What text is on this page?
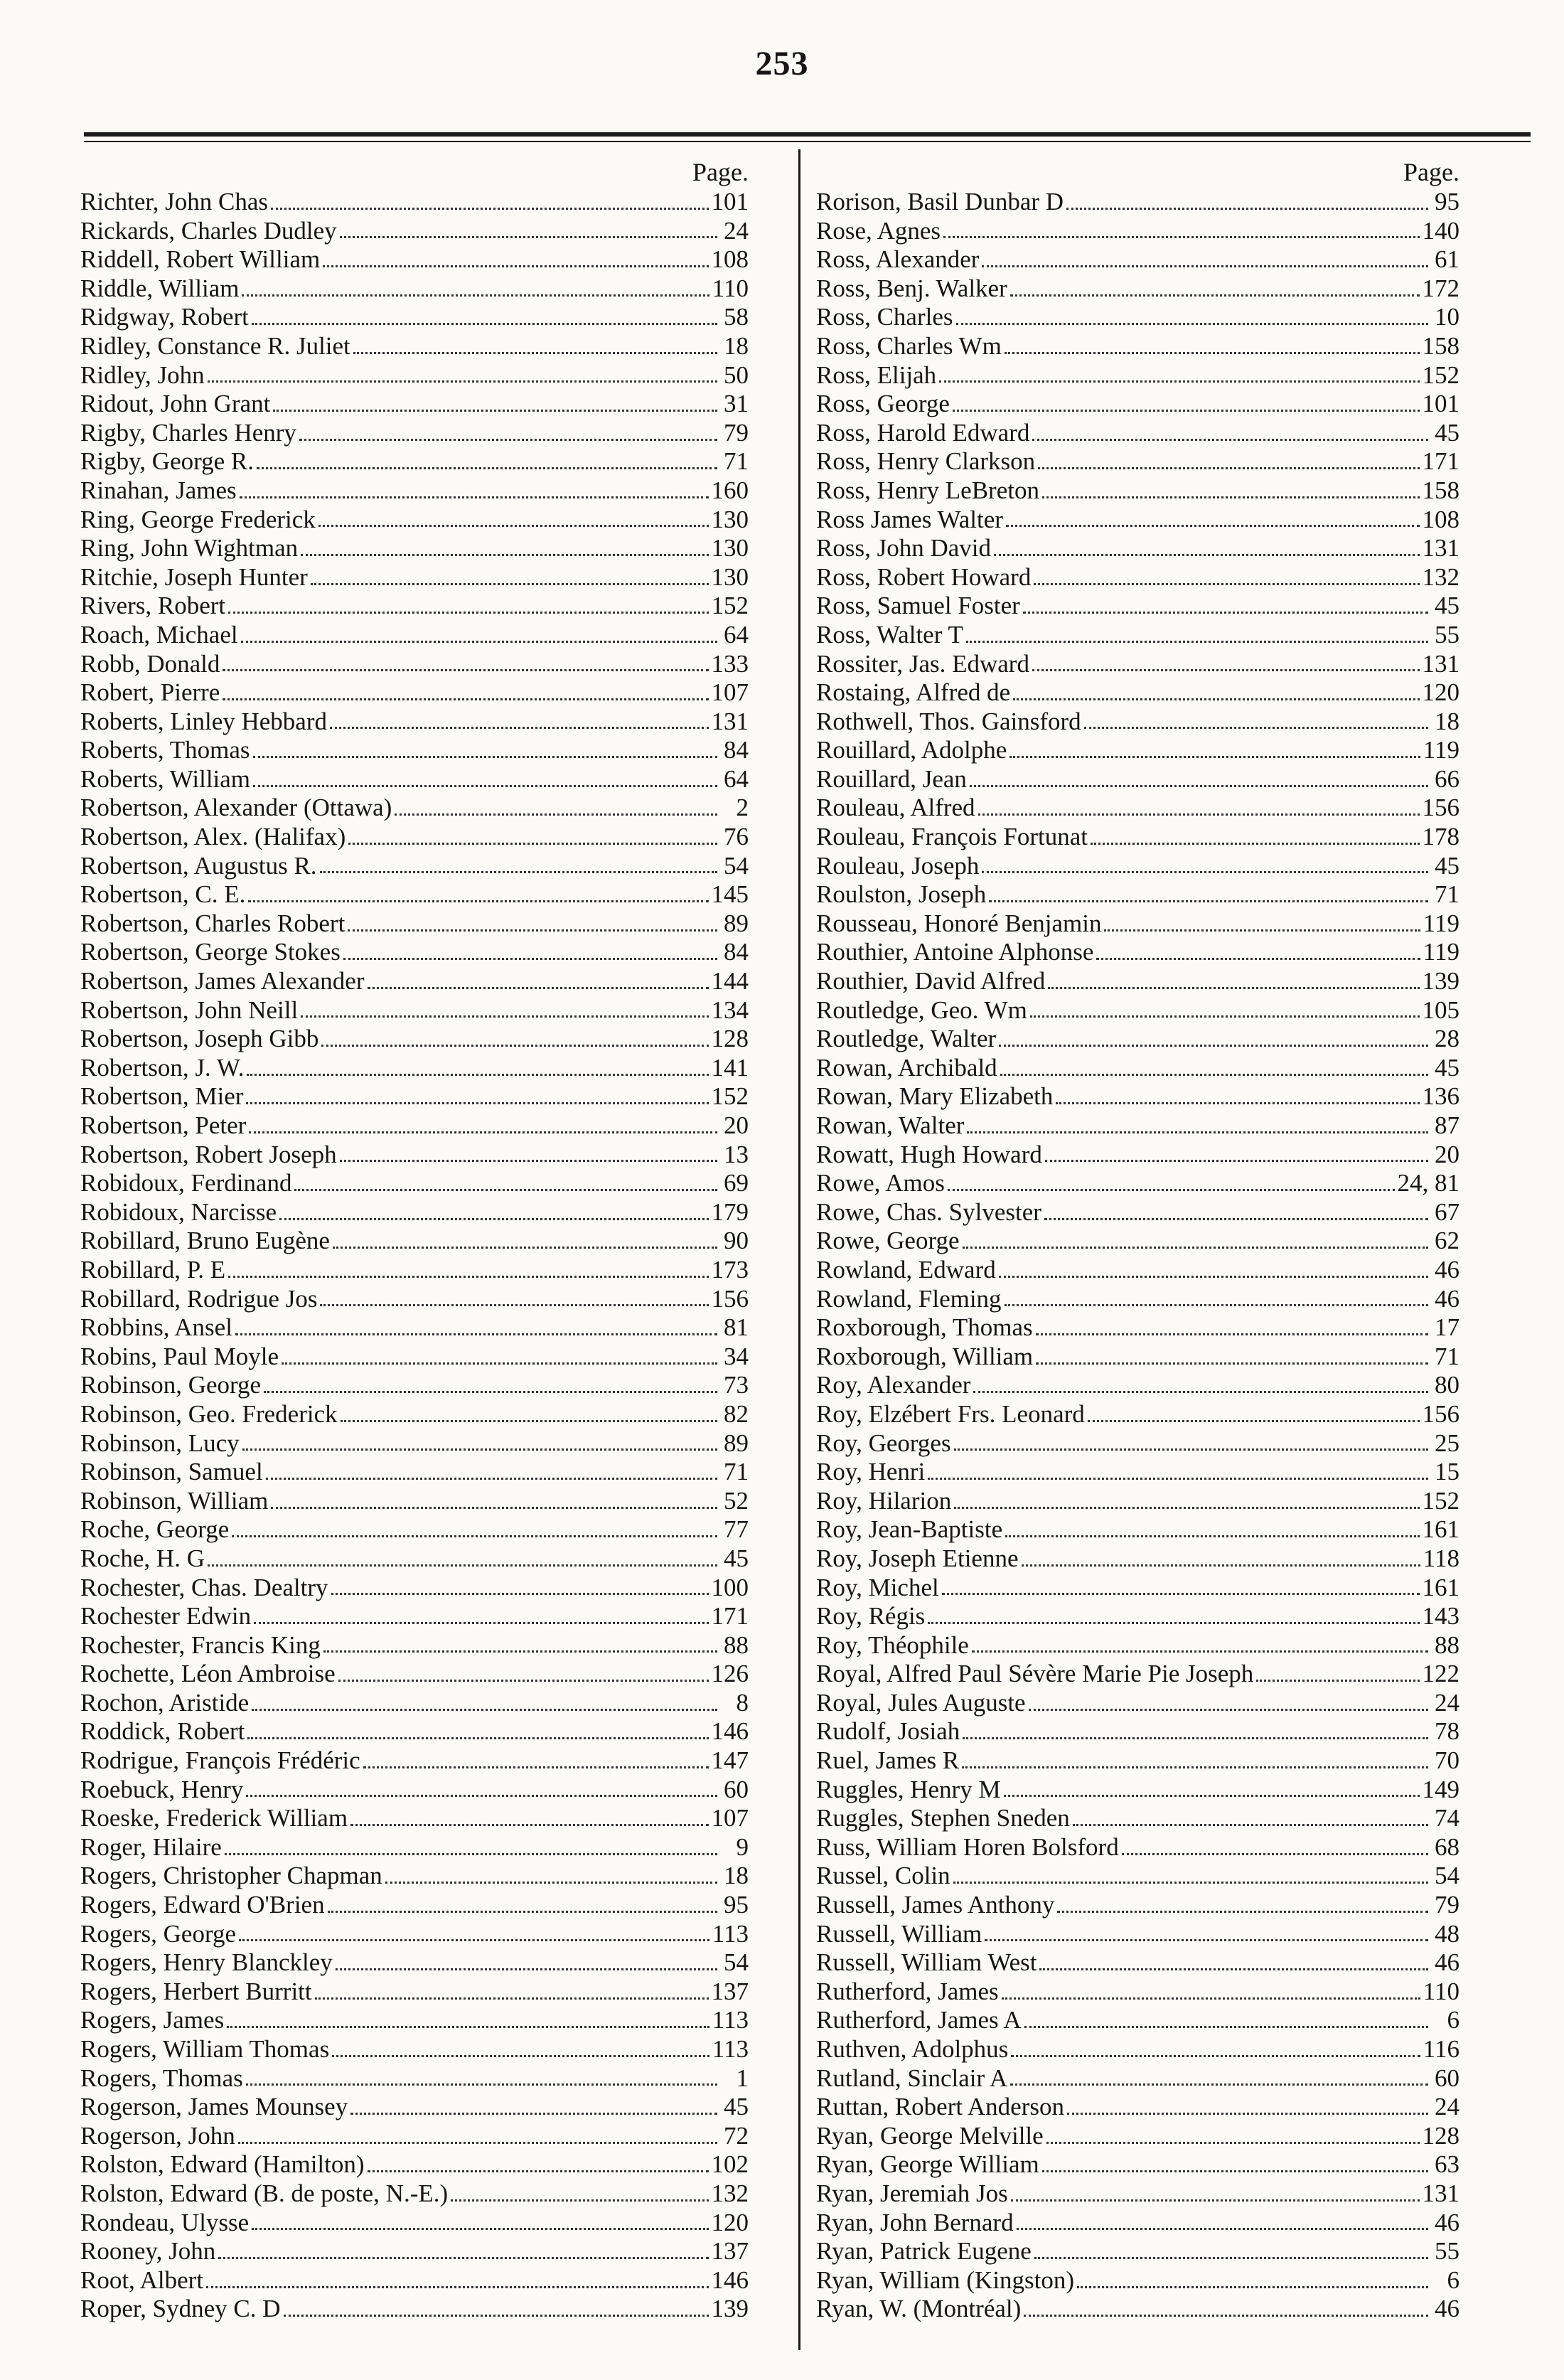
253
Page.
Richter, John Chas	101
Rickards, Charles Dudley	24
Riddell, Robert William	108
Riddle, William	110
Ridgway, Robert	58
Ridley, Constance R. Juliet	18
Ridley, John	50
Ridout, John Grant	31
Rigby, Charles Henry	79
Rigby, George R.	71
Rinahan, James	160
Ring, George Frederick	130
Ring, John Wightman	130
Ritchie, Joseph Hunter	130
Rivers, Robert	152
Roach, Michael	64
Robb, Donald	133
Robert, Pierre	107
Roberts, Linley Hebbard	131
Roberts, Thomas	84
Roberts, William	64
Robertson, Alexander (Ottawa)	2
Robertson, Alex. (Halifax)	76
Robertson, Augustus R.	54
Robertson, C. E.	145
Robertson, Charles Robert	89
Robertson, George Stokes	84
Robertson, James Alexander	144
Robertson, John Neill	134
Robertson, Joseph Gibb	128
Robertson, J. W.	141
Robertson, Mier	152
Robertson, Peter	20
Robertson, Robert Joseph	13
Robidoux, Ferdinand	69
Robidoux, Narcisse	179
Robillard, Bruno Eugène	90
Robillard, P. E	173
Robillard, Rodrigue Jos	156
Robbins, Ansel	81
Robins, Paul Moyle	34
Robinson, George	73
Robinson, Geo. Frederick	82
Robinson, Lucy	89
Robinson, Samuel	71
Robinson, William	52
Roche, George	77
Roche, H. G	45
Rochester, Chas. Dealtry	100
Rochester Edwin	171
Rochester, Francis King	88
Rochette, Léon Ambroise	126
Rochon, Aristide	8
Roddick, Robert	146
Rodrigue, François Frédéric	147
Roebuck, Henry	60
Roeske, Frederick William	107
Roger, Hilaire	9
Rogers, Christopher Chapman	18
Rogers, Edward O'Brien	95
Rogers, George	113
Rogers, Henry Blanckley	54
Rogers, Herbert Burritt	137
Rogers, James	113
Rogers, William Thomas	113
Rogers, Thomas	1
Rogerson, James Mounsey	45
Rogerson, John	72
Rolston, Edward (Hamilton)	102
Rolston, Edward (B. de poste, N.-E.)	132
Rondeau, Ulysse	120
Rooney, John	137
Root, Albert	146
Roper, Sydney C. D	139
Page.
Rorison, Basil Dunbar D	95
Rose, Agnes	140
Ross, Alexander	61
Ross, Benj. Walker	172
Ross, Charles	10
Ross, Charles Wm	158
Ross, Elijah	152
Ross, George	101
Ross, Harold Edward	45
Ross, Henry Clarkson	171
Ross, Henry LeBreton	158
Ross James Walter	108
Ross, John David	131
Ross, Robert Howard	132
Ross, Samuel Foster	45
Ross, Walter T	55
Rossiter, Jas. Edward	131
Rostaing, Alfred de	120
Rothwell, Thos. Gainsford	18
Rouillard, Adolphe	119
Rouillard, Jean	66
Rouleau, Alfred	156
Rouleau, François Fortunat	178
Rouleau, Joseph	45
Roulston, Joseph	71
Rousseau, Honoré Benjamin	119
Routhier, Antoine Alphonse	119
Routhier, David Alfred	139
Routledge, Geo. Wm	105
Routledge, Walter	28
Rowan, Archibald	45
Rowan, Mary Elizabeth	136
Rowan, Walter	87
Rowatt, Hugh Howard	20
Rowe, Amos	24, 81
Rowe, Chas. Sylvester	67
Rowe, George	62
Rowland, Edward	46
Rowland, Fleming	46
Roxborough, Thomas	17
Roxborough, William	71
Roy, Alexander	80
Roy, Elzébert Frs. Leonard	156
Roy, Georges	25
Roy, Henri	15
Roy, Hilarion	152
Roy, Jean-Baptiste	161
Roy, Joseph Etienne	118
Roy, Michel	161
Roy, Régis	143
Roy, Théophile	88
Royal, Alfred Paul Sévère Marie Pie Joseph	122
Royal, Jules Auguste	24
Rudolf, Josiah	78
Ruel, James R	70
Ruggles, Henry M	149
Ruggles, Stephen Sneden	74
Russ, William Horen Bolsford	68
Russel, Colin	54
Russell, James Anthony	79
Russell, William	48
Russell, William West	46
Rutherford, James	110
Rutherford, James A	6
Ruthven, Adolphus	116
Rutland, Sinclair A	60
Ruttan, Robert Anderson	24
Ryan, George Melville	128
Ryan, George William	63
Ryan, Jeremiah Jos	131
Ryan, John Bernard	46
Ryan, Patrick Eugene	55
Ryan, William (Kingston)	6
Ryan, W. (Montréal)	46
